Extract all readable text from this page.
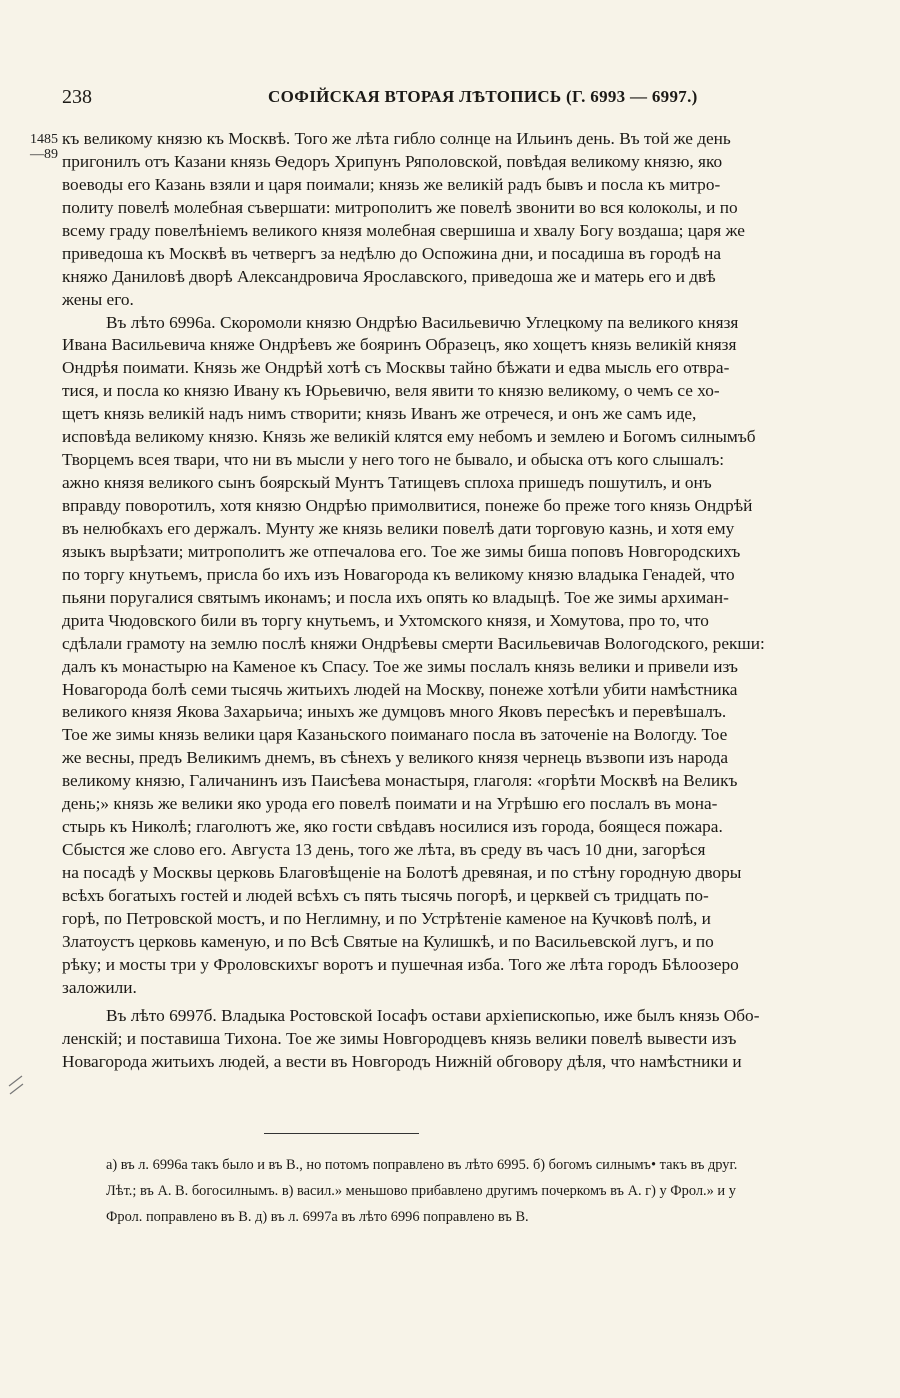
238	СОФІЙСКАЯ ВТОРАЯ ЛѢТОПИСЬ (Г. 6993 — 6997.)
1485
—89
къ великому князю къ Москвѣ. Того же лѣта гибло солнце на Ильинъ день. Въ той же день
пригонилъ отъ Казани князь Ѳедоръ Хрипунъ Ряполовской, повѣдая великому князю, яко
воеводы его Казань взяли и царя поимали; князь же великій радъ бывъ и посла къ митро-
политу повелѣ молебная съвершати: митрополитъ же повелѣ звонити во вся колоколы, и по
всему граду повелѣніемъ великого князя молебная свершиша и хвалу Богу воздаша; царя же
приведоша къ Москвѣ въ четвергъ за недѣлю до Оспожина дни, и посадиша въ городѣ на
княжо Даниловѣ дворѣ Александровича Ярославского, приведоша же и матерь его и двѣ
жены его.
Въ лѣто 6996а. Скоромоли князю Ондрѣю Васильевичю Углецкому па великого князя
Ивана Васильевича княже Ондрѣевъ же бояринъ Образецъ, яко хощетъ князь великій князя
Ондрѣя поимати. Князь же Ондрѣй хотѣ съ Москвы тайно бѣжати и едва мысль его отвра-
тися, и посла ко князю Ивану къ Юрьевичю, веля явити то князю великому, о чемъ се хо-
щетъ князь великій надъ нимъ створити; князь Иванъ же отречеся, и онъ же самъ иде,
исповѣда великому князю. Князь же великій клятся ему небомъ и землею и Богомъ силнымъб
Творцемъ всея твари, что ни въ мысли у него того не бывало, и обыска отъ кого слышалъ:
ажно князя великого сынъ боярскый Мунтъ Татищевъ сплоха пришедъ пошутилъ, и онъ
вправду поворотилъ, хотя князю Ондрѣю примолвитися, понеже бо преже того князь Ондрѣй
въ нелюбкахъ его держалъ. Мунту же князь велики повелѣ дати торговую казнь, и хотя ему
языкъ вырѣзати; митрополитъ же отпечаловa его. Тое же зимы биша поповъ Новгородскихъ
по торгу кнутьемъ, присла бо ихъ изъ Новагорода къ великому князю владыка Генадей, что
пьяни поругалися святымъ иконамъ; и посла ихъ опять ко владыцѣ. Тое же зимы архиман-
дрита Чюдовского били въ торгу кнутьемъ, и Ухтомского князя, и Хомутова, про то, что
сдѣлали грамоту на землю послѣ княжи Ондрѣевы смерти Васильевичав Вологодского, рекши:
далъ къ монастырю на Каменое къ Спасу. Тое же зимы послалъ князь велики и привели изъ
Новагорода болѣ семи тысячь житьихъ людей на Москву, понеже хотѣли убити намѣстника
великого князя Якова Захарьича; иныхъ же думцовъ много Яковъ пересѣкъ и перевѣшалъ.
Тое же зимы князь велики царя Казаньского поиманаго посла въ заточеніе на Вологду. Тое
же весны, предъ Великимъ днемъ, въ сѣнехъ у великого князя чернець възвопи изъ народа
великому князю, Галичанинъ изъ Паисѣева монастыря, глаголя: «горѣти Москвѣ на Великъ
день;» князь же велики яко урода его повелѣ поимати и на Угрѣшю его послалъ въ мона-
стырь къ Николѣ; глаголютъ же, яко гости свѣдавъ носилися изъ города, боящеся пожара.
Сбыстся же слово его. Августа 13 день, того же лѣта, въ среду въ часъ 10 дни, загорѣся
на посадѣ у Москвы церковь Благовѣщеніе на Болотѣ древяная, и по стѣну городную дворы
всѣхъ богатыхъ гостей и людей всѣхъ съ пять тысячь погорѣ, и церквей съ тридцать по-
горѣ, по Петровской мостъ, и по Неглимну, и по Устрѣтеніе каменое на Кучковѣ полѣ, и
Златоустъ церковь каменую, и по Всѣ Святые на Кулишкѣ, и по Васильевской лугъ, и по
рѣку; и мосты три у Фроловскихъг воротъ и пушечная изба. Того же лѣта городъ Бѣлоозеро
заложили.
Въ лѣто 6997б. Владыка Ростовской Іосафъ остави архіепископью, иже былъ князь Обо-
ленскій; и поставиша Тихона. Тое же зимы Новгородцевъ князь велики повелѣ вывести изъ
Новагорода житьихъ людей, а вести въ Новгородъ Нижній обговору дѣля, что намѣстники и
а) въ л. 6996а такъ было и въ В., но потомъ поправлено въ лѣто 6995. б) богомъ силнымъ• такъ въ друг.
Лѣт.; въ А. В. богосилнымъ. в) васил.» меньшово прибавлено другимъ почеркомъ въ А. г) у Фрол.» и у
Фрол. поправлено въ В. д) въ л. 6997а въ лѣто 6996 поправлено въ В.
